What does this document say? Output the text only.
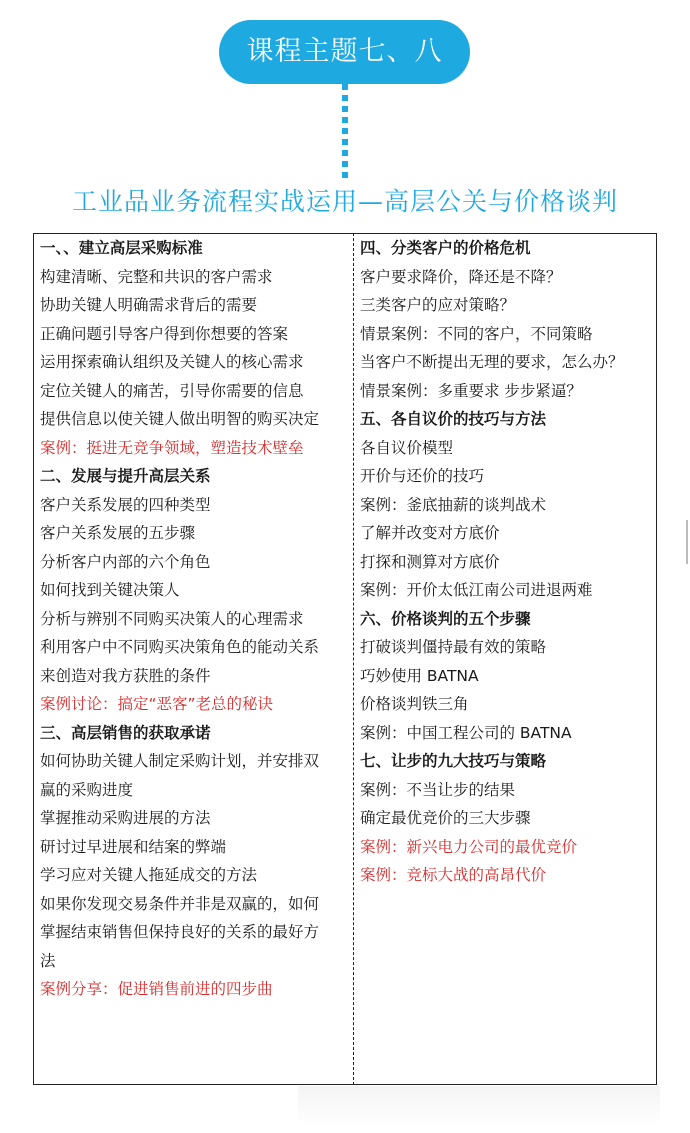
课程主题七、八
工业品业务流程实战运用—高层公关与价格谈判
一、、建立高层采购标准
构建清晰、完整和共识的客户需求
协助关键人明确需求背后的需要
正确问题引导客户得到你想要的答案
运用探索确认组织及关键人的核心需求
定位关键人的痛苦，引导你需要的信息
提供信息以使关键人做出明智的购买决定
案例：挺进无竞争领域，塑造技术壁垒
二、发展与提升高层关系
客户关系发展的四种类型
客户关系发展的五步骤
分析客户内部的六个角色
如何找到关键决策人
分析与辨别不同购买决策人的心理需求
利用客户中不同购买决策角色的能动关系
来创造对我方获胜的条件
案例讨论：搞定“恶客”老总的秘诀
三、高层销售的获取承诺
如何协助关键人制定采购计划，并安排双
赢的采购进度
掌握推动采购进展的方法
研讨过早进展和结案的弊端
学习应对关键人拖延成交的方法
如果你发现交易条件并非是双赢的，如何
掌握结束销售但保持良好的关系的最好方
法
案例分享：促进销售前进的四步曲
四、分类客户的价格危机
客户要求降价，降还是不降？
三类客户的应对策略？
情景案例：不同的客户，不同策略
当客户不断提出无理的要求，怎么办？
情景案例：多重要求 步步紧逼？
五、各自议价的技巧与方法
各自议价模型
开价与还价的技巧
案例：釜底抽薪的谈判战术
了解并改变对方底价
打探和测算对方底价
案例：开价太低江南公司进退两难
六、价格谈判的五个步骤
打破谈判僵持最有效的策略
巧妙使用 BATNA
价格谈判铁三角
案例：中国工程公司的 BATNA
七、让步的九大技巧与策略
案例：不当让步的结果
确定最优竞价的三大步骤
案例：新兴电力公司的最优竞价
案例：竞标大战的高昂代价
